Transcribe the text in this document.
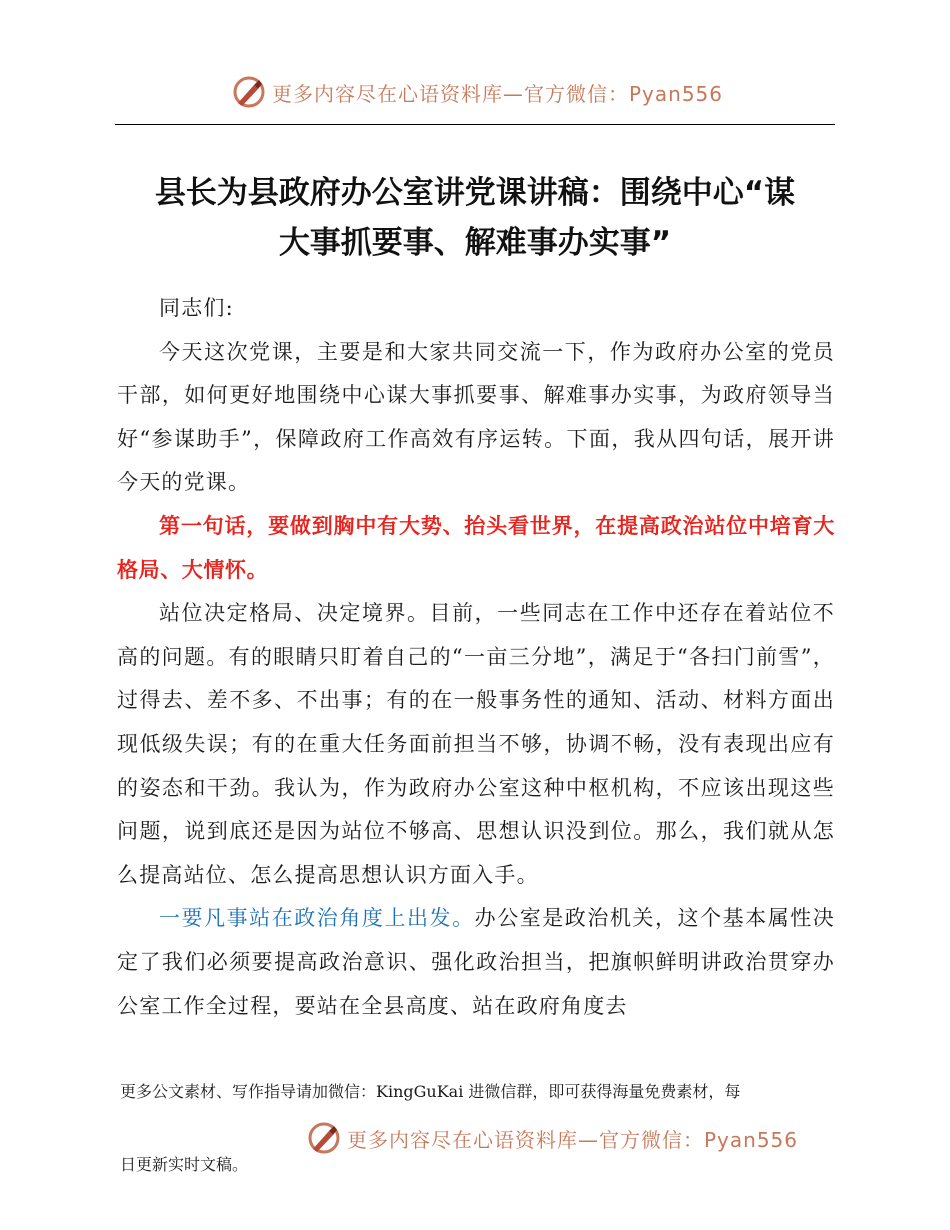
更多内容尽在心语资料库—官方微信：Pyan556
县长为县政府办公室讲党课讲稿：围绕中心“谋
大事抓要事、解难事办实事”

同志们:

今天这次党课，主要是和大家共同交流一下，作为政府办公室的党员干部，如何更好地围绕中心谋大事抓要事、解难事办实事，为政府领导当好“参谋助手”，保障政府工作高效有序运转。下面，我从四句话，展开讲今天的党课。

第一句话，要做到胸中有大势、抬头看世界，在提高政治站位中培育大格局、大情怀。

站位决定格局、决定境界。目前，一些同志在工作中还存在着站位不高的问题。有的眼睛只盯着自己的“一亩三分地”，满足于“各扫门前雪”，过得去、差不多、不出事；有的在一般事务性的通知、活动、材料方面出现低级失误；有的在重大任务面前担当不够，协调不畅，没有表现出应有的姿态和干劲。我认为，作为政府办公室这种中枢机构，不应该出现这些问题，说到底还是因为站位不够高、思想认识没到位。那么，我们就从怎么提高站位、怎么提高思想认识方面入手。

一要凡事站在政治角度上出发。办公室是政治机关，这个基本属性决定了我们必须要提高政治意识、强化政治担当，把旗帜鲜明讲政治贯穿办公室工作全过程，要站在全县高度、站在政府角度去

更多公文素材、写作指导请加微信：KingGuKai 进微信群，即可获得海量免费素材，每
更多内容尽在心语资料库—官方微信：Pyan556
日更新实时文稿。
